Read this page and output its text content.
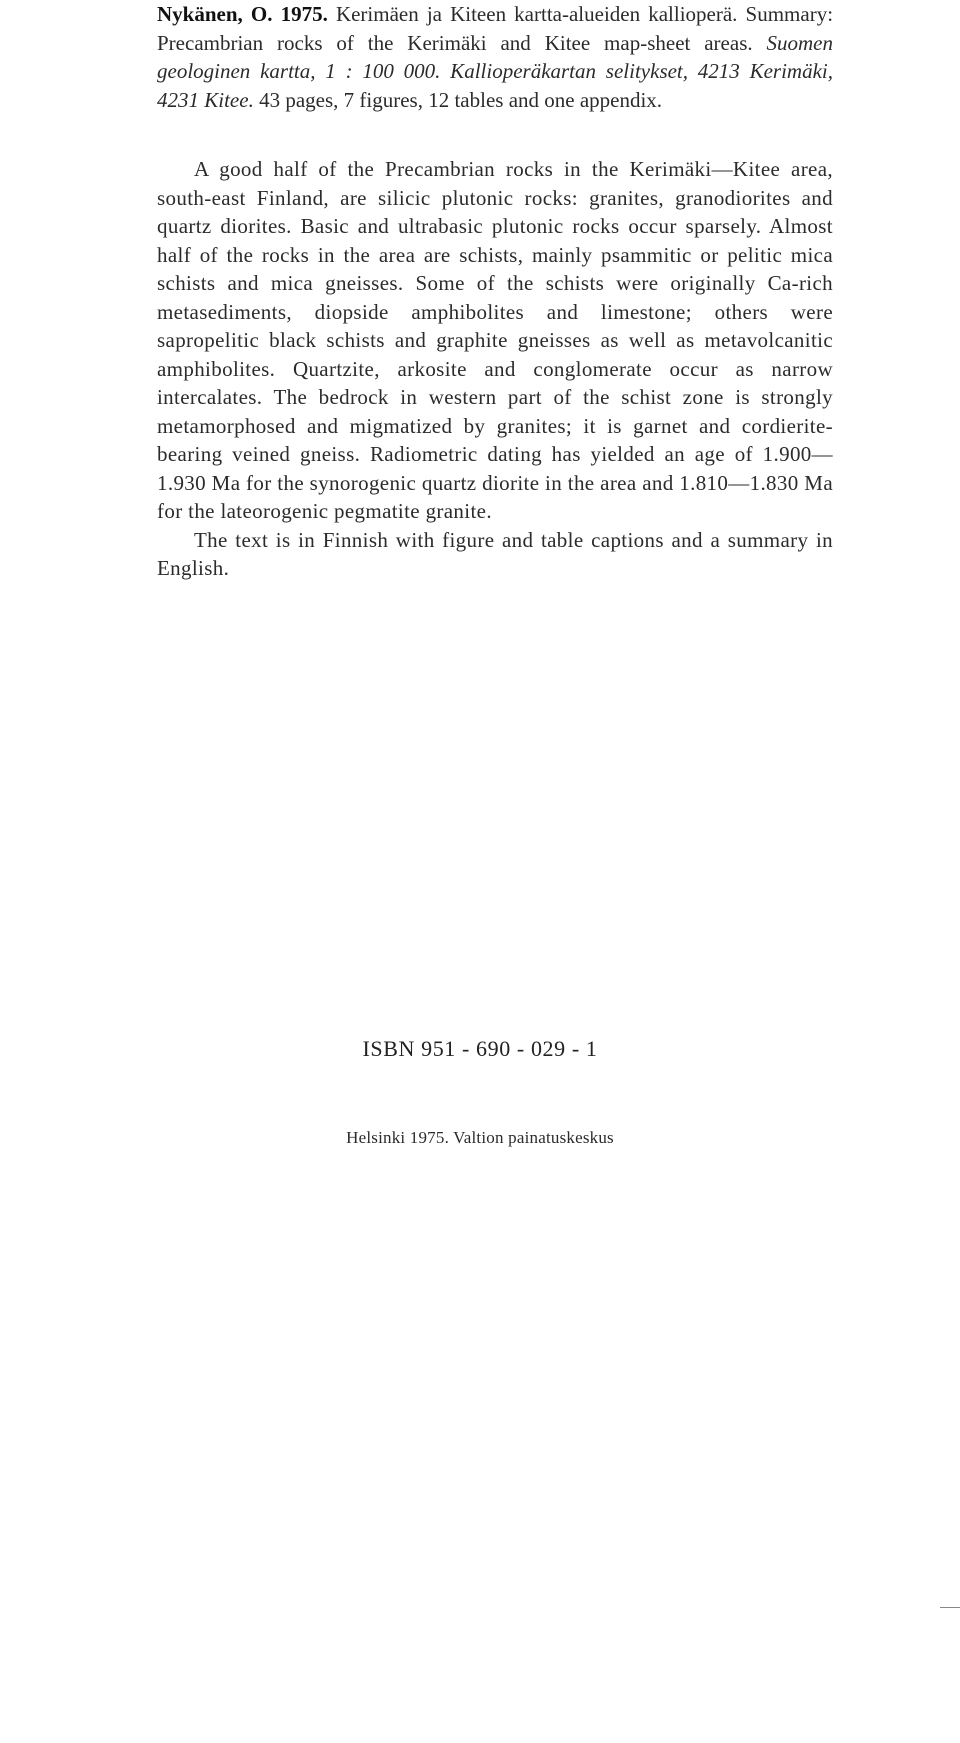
Nykänen, O. 1975. Kerimäen ja Kiteen kartta-alueiden kallioperä. Summary: Precambrian rocks of the Kerimäki and Kitee map-sheet areas. Suomen geologinen kartta, 1 : 100 000. Kallioperäkartan selitykset, 4213 Kerimäki, 4231 Kitee. 43 pages, 7 figures, 12 tables and one appendix.

A good half of the Precambrian rocks in the Kerimäki—Kitee area, south-east Finland, are silicic plutonic rocks: granites, granodiorites and quartz diorites. Basic and ultrabasic plutonic rocks occur sparsely. Almost half of the rocks in the area are schists, mainly psammitic or pelitic mica schists and mica gneisses. Some of the schists were originally Ca-rich metasediments, diopside amphibolites and limestone; others were sapropelitic black schists and graphite gneisses as well as metavolcanitic amphibolites. Quartzite, arkosite and conglomerate occur as narrow intercalates. The bedrock in western part of the schist zone is strongly metamorphosed and migmatized by granites; it is garnet and cordierite-bearing veined gneiss. Radiometric dating has yielded an age of 1.900—1.930 Ma for the synorogenic quartz diorite in the area and 1.810—1.830 Ma for the lateorogenic pegmatite granite.

The text is in Finnish with figure and table captions and a summary in English.

ISBN 951 - 690 - 029 - 1
Helsinki 1975. Valtion painatuskeskus
